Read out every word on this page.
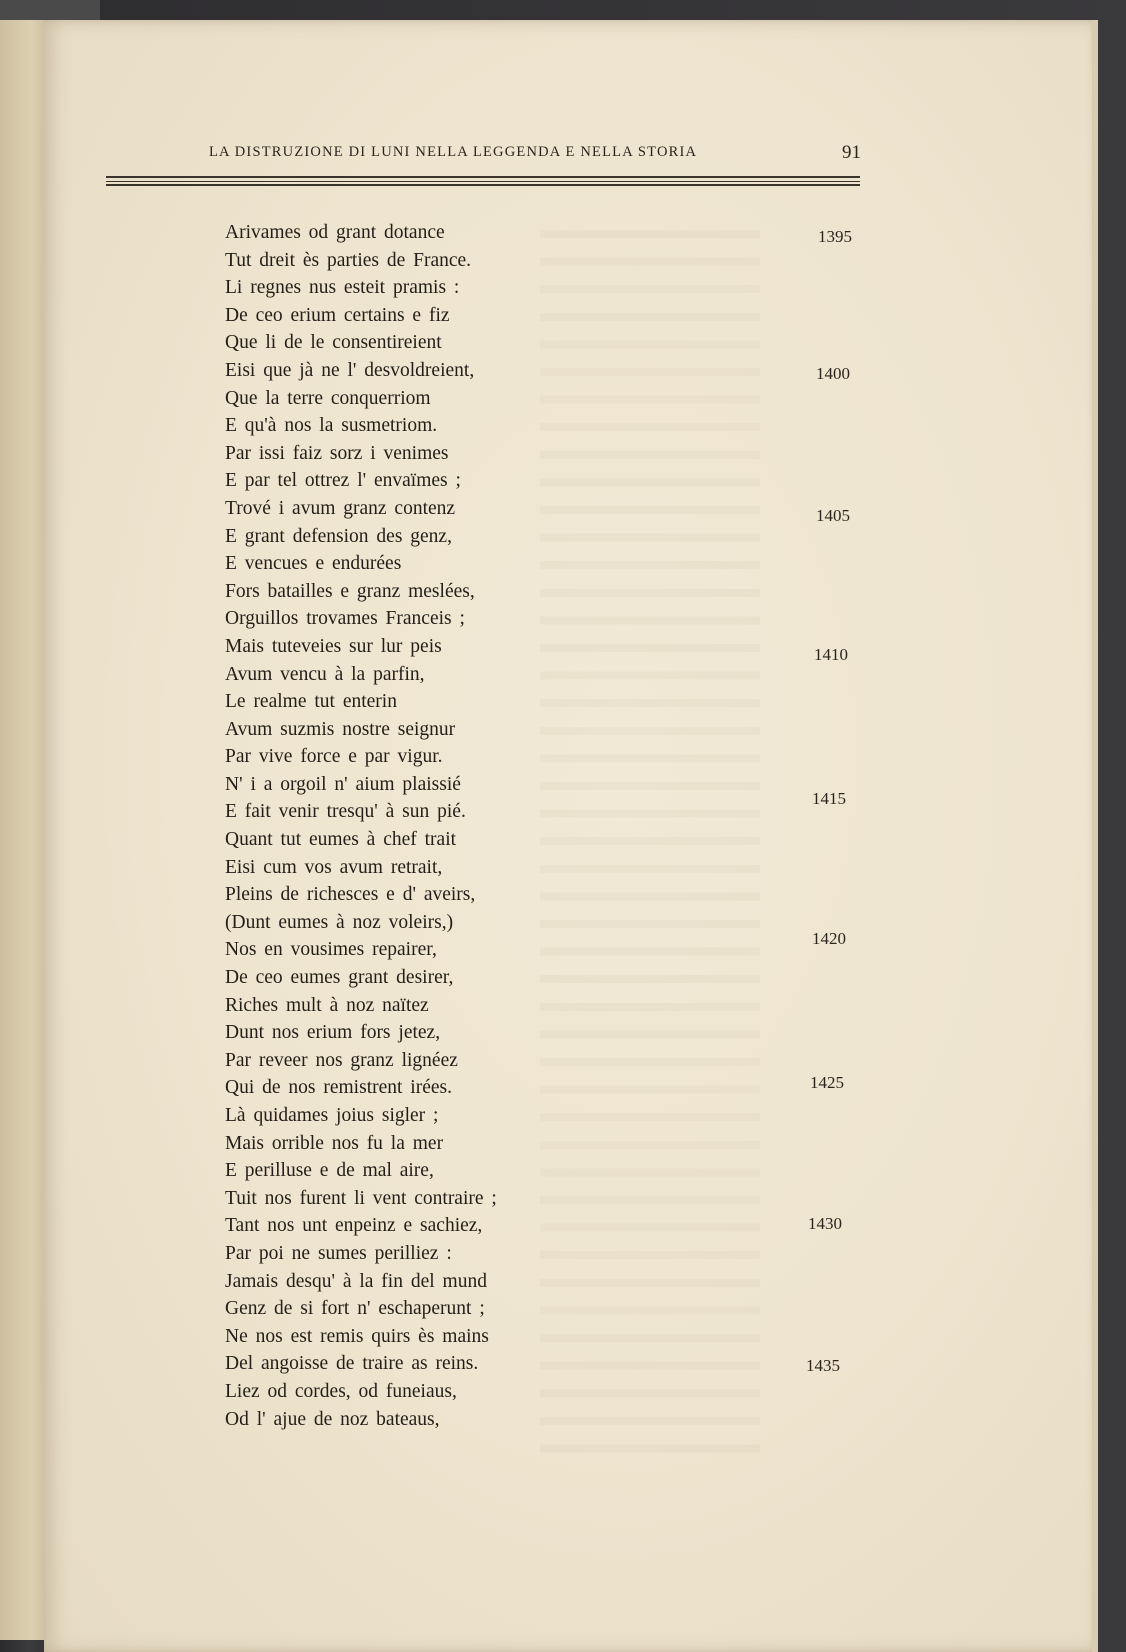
LA DISTRUZIONE DI LUNI NELLA LEGGENDA E NELLA STORIA	91
Arivames od grant dotance
Tut dreit ès parties de France.
Li regnes nus esteit pramis :
De ceo erium certains e fiz
Que li de le consentireient
Eisi que jà ne l' desvoldreient,
Que la terre conquerriom
E qu'à nos la susmetriom.
Par issi faiz sorz i venimes
E par tel ottrez l' envaïmes ;
Trové i avum granz contenz
E grant defension des genz,
E vencues e endurées
Fors batailles e granz meslées,
Orguillos trovames Franceis ;
Mais tuteveies sur lur peis
Avum vencu à la parfin,
Le realme tut enterin
Avum suzmis nostre seignur
Par vive force e par vigur.
N' i a orgoil n' aium plaissié
E fait venir tresqu' à sun pié.
Quant tut eumes à chef trait
Eisi cum vos avum retrait,
Pleins de richesces e d' aveirs,
(Dunt eumes à noz voleirs,)
Nos en vousimes repairer,
De ceo eumes grant desirer,
Riches mult à noz naïtez
Dunt nos erium fors jetez,
Par reveer nos granz lignéez
Qui de nos remistrent irées.
Là quidames joius sigler ;
Mais orrible nos fu la mer
E perilluse e de mal aire,
Tuit nos furent li vent contraire ;
Tant nos unt enpeinz e sachiez,
Par poi ne sumes perilliez :
Jamais desqu' à la fin del mund
Genz de si fort n' eschaperunt ;
Ne nos est remis quirs ès mains
Del angoisse de traire as reins.
Liez od cordes, od funeiaus,
Od l' ajue de noz bateaus,
1395
1400
1405
1410
1415
1420
1425
1430
1435
